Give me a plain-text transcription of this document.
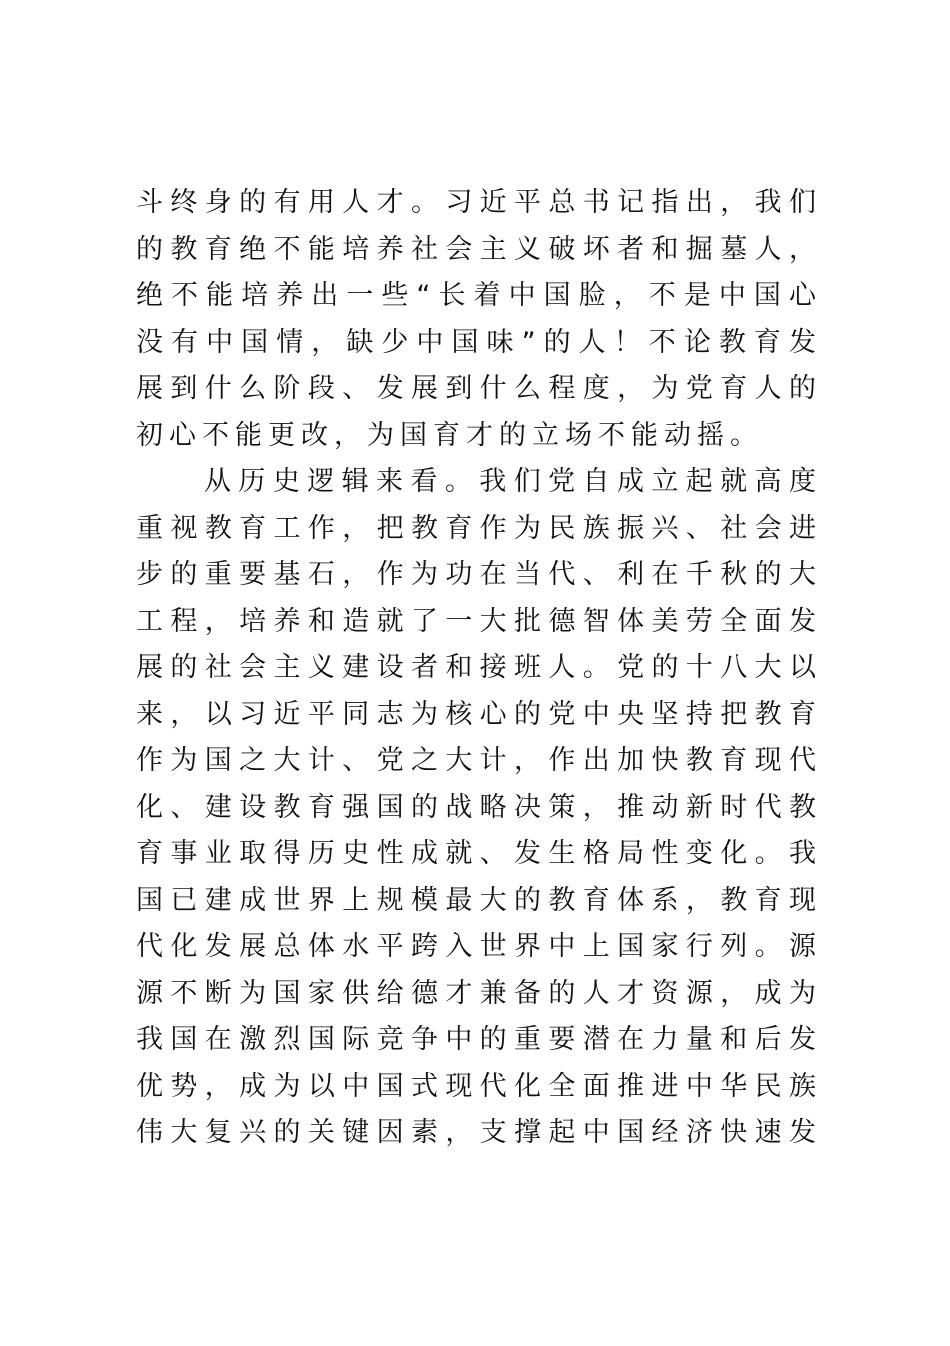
斗终身的有用人才。习近平总书记指出，我们
的教育绝不能培养社会主义破坏者和掘墓人，
绝不能培养出一些“长着中国脸，不是中国心
没有中国情，缺少中国味”的人！不论教育发
展到什么阶段、发展到什么程度，为党育人的
初心不能更改，为国育才的立场不能动摇。
从历史逻辑来看。我们党自成立起就高度
重视教育工作，把教育作为民族振兴、社会进
步的重要基石，作为功在当代、利在千秋的大
工程，培养和造就了一大批德智体美劳全面发
展的社会主义建设者和接班人。党的十八大以
来，以习近平同志为核心的党中央坚持把教育
作为国之大计、党之大计，作出加快教育现代
化、建设教育强国的战略决策，推动新时代教
育事业取得历史性成就、发生格局性变化。我
国已建成世界上规模最大的教育体系，教育现
代化发展总体水平跨入世界中上国家行列。源
源不断为国家供给德才兼备的人才资源，成为
我国在激烈国际竞争中的重要潜在力量和后发
优势，成为以中国式现代化全面推进中华民族
伟大复兴的关键因素，支撑起中国经济快速发
